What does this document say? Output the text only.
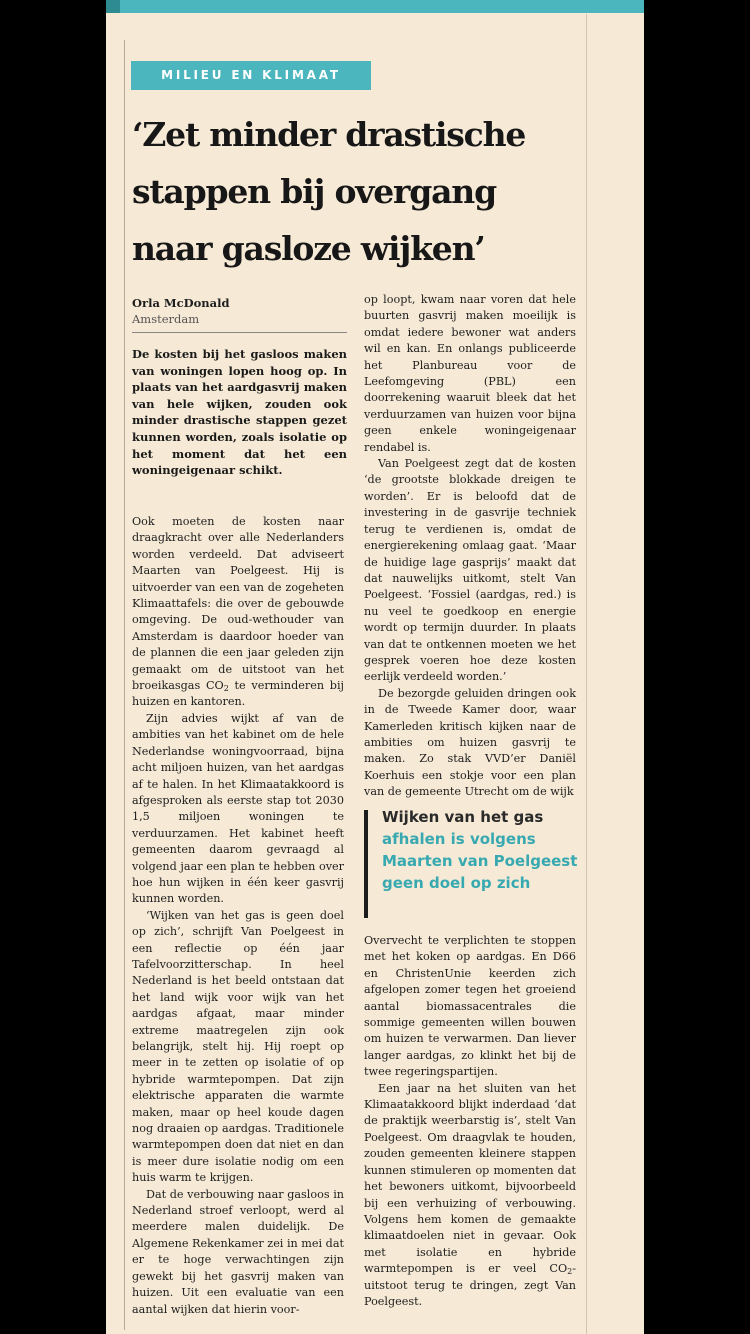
MILIEU EN KLIMAAT
‘Zet minder drastische stappen bij overgang naar gasloze wijken’
Orla McDonald
Amsterdam

De kosten bij het gasloos maken van woningen lopen hoog op. In plaats van het aardgasvrij maken van hele wijken, zouden ook minder drastische stappen gezet kunnen worden, zoals isolatie op het moment dat het een woningeigenaar schikt.

Ook moeten de kosten naar draagkracht over alle Nederlanders worden verdeeld. Dat adviseert Maarten van Poelgeest. Hij is uitvoerder van een van de zogeheten Klimaattafels: die over de gebouwde omgeving. De oud-wethouder van Amsterdam is daardoor hoeder van de plannen die een jaar geleden zijn gemaakt om de uitstoot van het broeikasgas $CO_2$ te verminderen bij huizen en kantoren.

Zijn advies wijkt af van de ambities van het kabinet om de hele Nederlandse woningvoorraad, bijna acht miljoen huizen, van het aardgas af te halen. In het Klimaatakkoord is afgesproken als eerste stap tot 2030 1,5 miljoen woningen te verduurzamen. Het kabinet heeft gemeenten daarom gevraagd al volgend jaar een plan te hebben over hoe hun wijken in één keer gasvrij kunnen worden.

‘Wijken van het gas is geen doel op zich’, schrijft Van Poelgeest in een reflectie op één jaar Tafelvoorzitterschap. In heel Nederland is het beeld ontstaan dat het land wijk voor wijk van het aardgas afgaat, maar minder extreme maatregelen zijn ook belangrijk, stelt hij. Hij roept op meer in te zetten op isolatie of op hybride warmtepompen. Dat zijn elektrische apparaten die warmte maken, maar op heel koude dagen nog draaien op aardgas. Traditionele warmtepompen doen dat niet en dan is meer dure isolatie nodig om een huis warm te krijgen.

Dat de verbouwing naar gasloos in Nederland stroef verloopt, werd al meerdere malen duidelijk. De Algemene Rekenkamer zei in mei dat er te hoge verwachtingen zijn gewekt bij het gasvrij maken van huizen. Uit een evaluatie van een aantal wijken dat hierin voor-

op loopt, kwam naar voren dat hele buurten gasvrij maken moeilijk is omdat iedere bewoner wat anders wil en kan. En onlangs publiceerde het Planbureau voor de Leefomgeving (PBL) een doorrekening waaruit bleek dat het verduurzamen van huizen voor bijna geen enkele woningeigenaar rendabel is.

Van Poelgeest zegt dat de kosten ‘de grootste blokkade dreigen te worden’. Er is beloofd dat de investering in de gasvrije techniek terug te verdienen is, omdat de energierekening omlaag gaat. ‘Maar de huidige lage gasprijs’ maakt dat dat nauwelijks uitkomt, stelt Van Poelgeest. ‘Fossiel (aardgas, red.) is nu veel te goedkoop en energie wordt op termijn duurder. In plaats van dat te ontkennen moeten we het gesprek voeren hoe deze kosten eerlijk verdeeld worden.’

De bezorgde geluiden dringen ook in de Tweede Kamer door, waar Kamerleden kritisch kijken naar de ambities om huizen gasvrij te maken. Zo stak VVD’er Daniël Koerhuis een stokje voor een plan van de gemeente Utrecht om de wijk

Wijken van het gas afhalen is volgens Maarten van Poelgeest geen doel op zich

Overvecht te verplichten te stoppen met het koken op aardgas. En D66 en ChristenUnie keerden zich afgelopen zomer tegen het groeiend aantal biomassacentrales die sommige gemeenten willen bouwen om huizen te verwarmen. Dan liever langer aardgas, zo klinkt het bij de twee regeringspartijen.

Een jaar na het sluiten van het Klimaatakkoord blijkt inderdaad ‘dat de praktijk weerbarstig is’, stelt Van Poelgeest. Om draagvlak te houden, zouden gemeenten kleinere stappen kunnen stimuleren op momenten dat het bewoners uitkomt, bijvoorbeeld bij een verhuizing of verbouwing. Volgens hem komen de gemaakte klimaatdoelen niet in gevaar. Ook met isolatie en hybride warmtepompen is er veel $CO_2$-uitstoot terug te dringen, zegt Van Poelgeest.
